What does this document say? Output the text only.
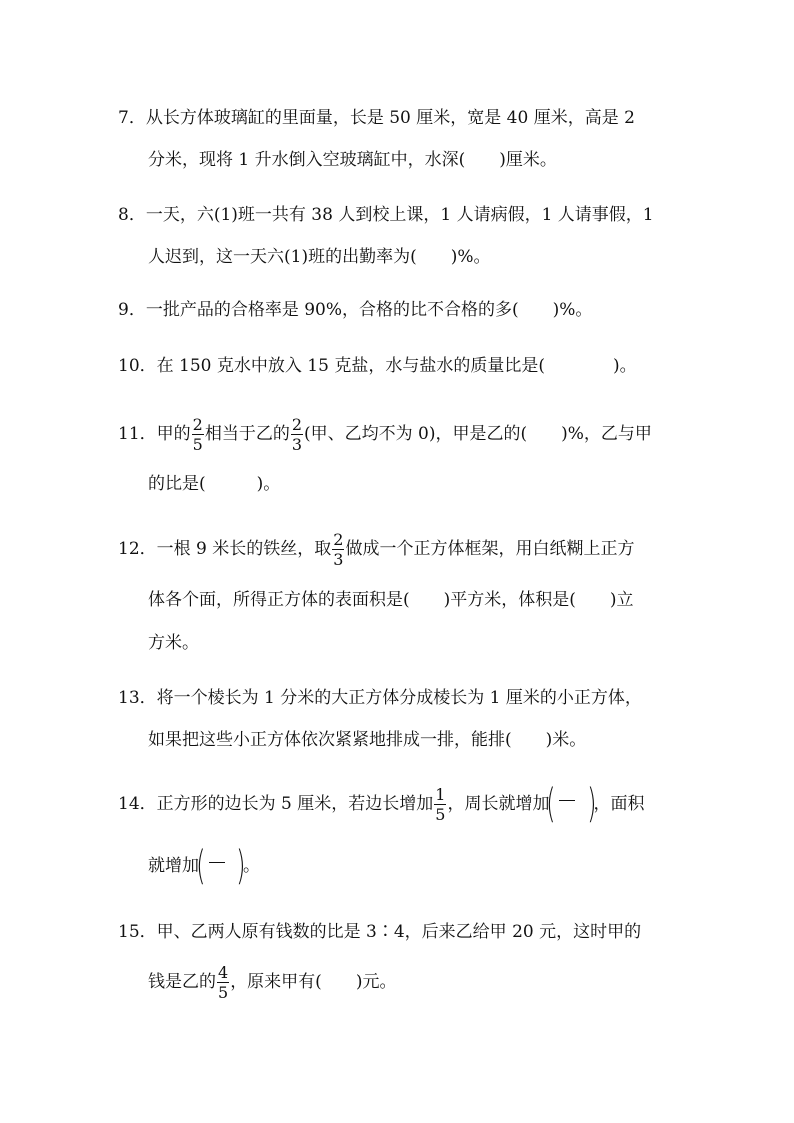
7．从长方体玻璃缸的里面量，长是 50 厘米，宽是 40 厘米，高是 2
分米，现将 1 升水倒入空玻璃缸中，水深(　　)厘米。
8．一天，六(1)班一共有 38 人到校上课，1 人请病假，1 人请事假，1
人迟到，这一天六(1)班的出勤率为(　　)%。
9．一批产品的合格率是 90%，合格的比不合格的多(　　)%。
10．在 150 克水中放入 15 克盐，水与盐水的质量比是(　　　　)。
11．甲的 $\frac{2}{5}$ 相当于乙的 $\frac{2}{3}$ (甲、乙均不为 0)，甲是乙的(　　)%，乙与甲
的比是(　　　)。
12．一根 9 米长的铁丝，取 $\frac{2}{3}$ 做成一个正方体框架，用白纸糊上正方
体各个面，所得正方体的表面积是(　　)平方米，体积是(　　)立
方米。
13．将一个棱长为 1 分米的大正方体分成棱长为 1 厘米的小正方体，
如果把这些小正方体依次紧紧地排成一排，能排(　　)米。
14．正方形的边长为 5 厘米，若边长增加 $\frac{1}{5}$ ，周长就增加
( )
，面积
就增加
( )
。
15．甲、乙两人原有钱数的比是 3∶4，后来乙给甲 20 元，这时甲的
钱是乙的 $\frac{4}{5}$ ，原来甲有(　　)元。
